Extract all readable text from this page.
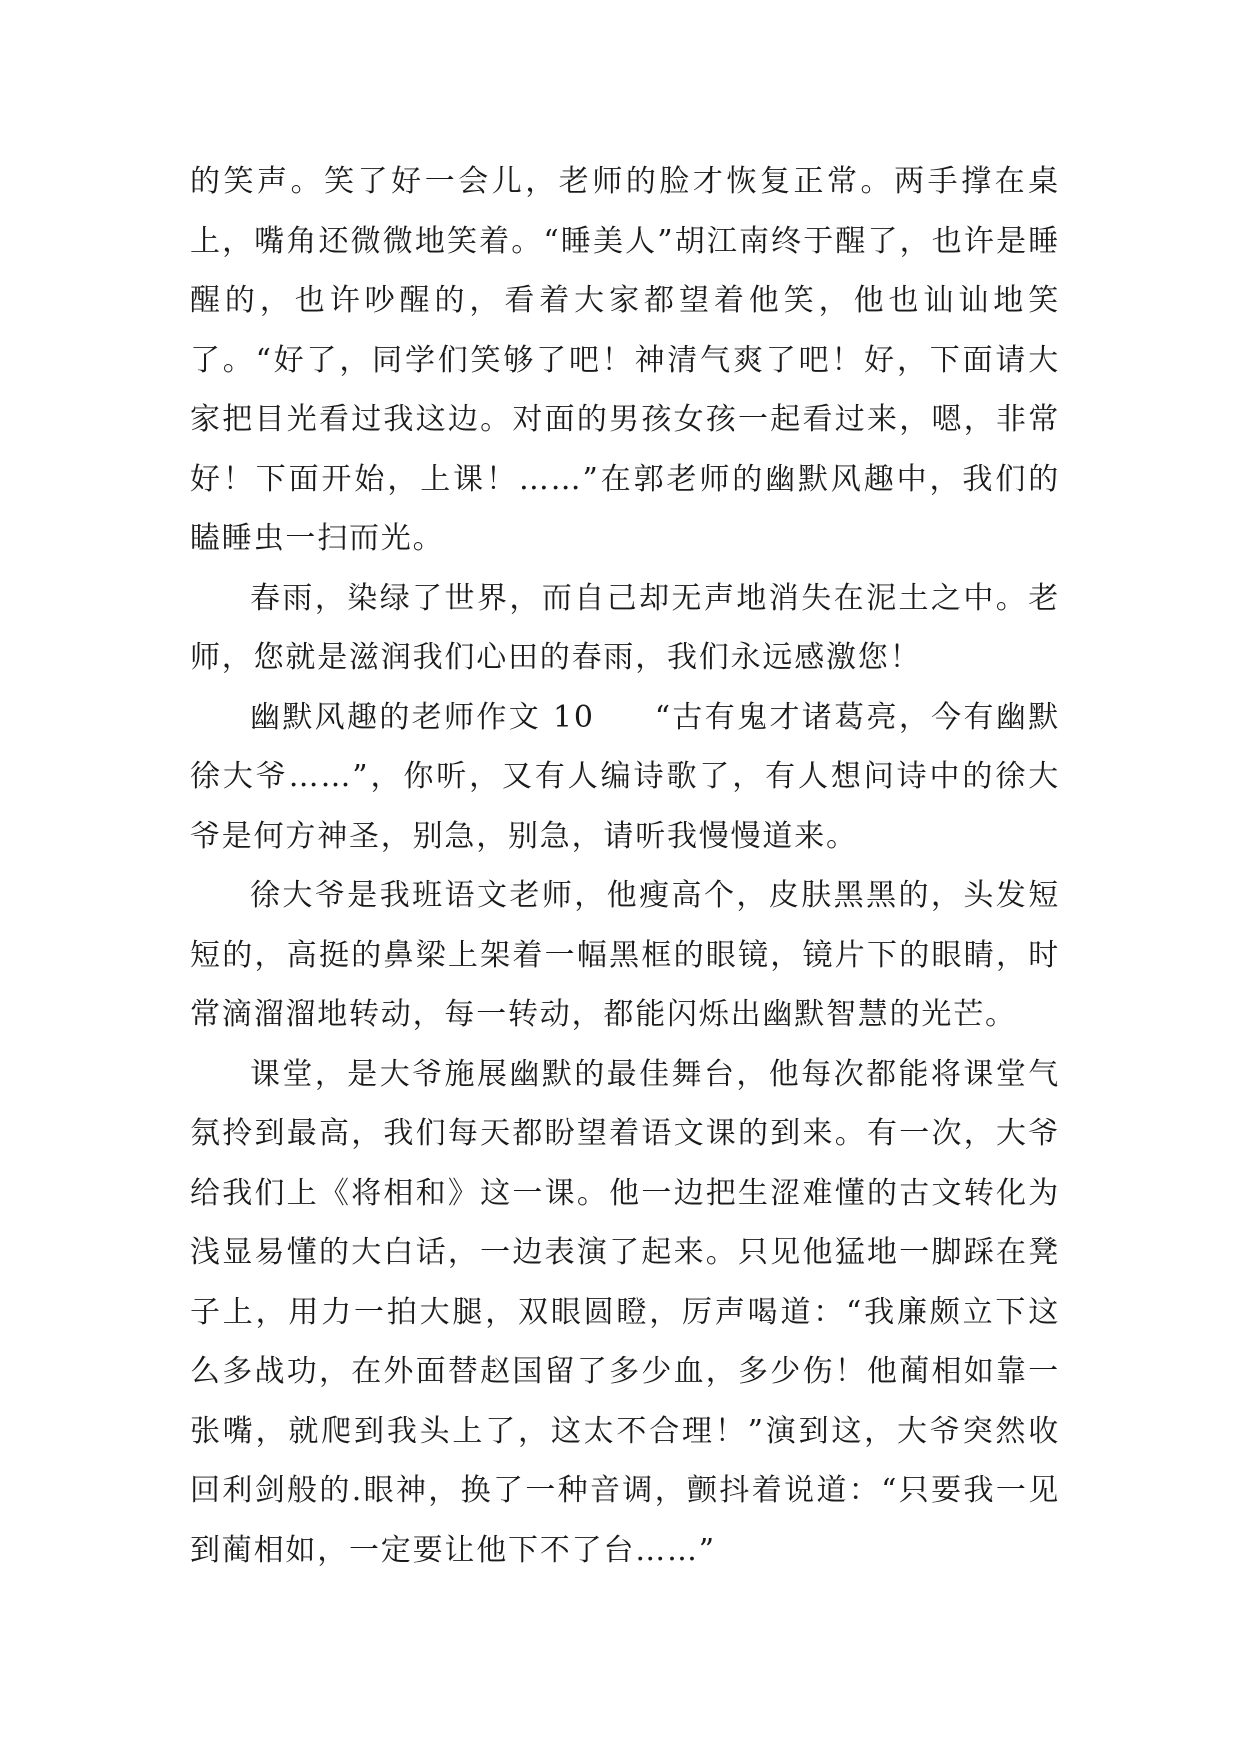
的笑声。笑了好一会儿，老师的脸才恢复正常。两手撑在桌上，嘴角还微微地笑着。“睡美人”胡江南终于醒了，也许是睡醒的，也许吵醒的，看着大家都望着他笑，他也讪讪地笑了。“好了，同学们笑够了吧！神清气爽了吧！好，下面请大家把目光看过我这边。对面的男孩女孩一起看过来，嗯，非常好！下面开始，上课！……”在郭老师的幽默风趣中，我们的瞌睡虫一扫而光。

春雨，染绿了世界，而自己却无声地消失在泥土之中。老师，您就是滋润我们心田的春雨，我们永远感激您！

幽默风趣的老师作文 10 “古有鬼才诸葛亮，今有幽默徐大爷……”，你听，又有人编诗歌了，有人想问诗中的徐大爷是何方神圣，别急，别急，请听我慢慢道来。

徐大爷是我班语文老师，他瘦高个，皮肤黑黑的，头发短短的，高挺的鼻梁上架着一幅黑框的眼镜，镜片下的眼睛，时常滴溜溜地转动，每一转动，都能闪烁出幽默智慧的光芒。

课堂，是大爷施展幽默的最佳舞台，他每次都能将课堂气氛拎到最高，我们每天都盼望着语文课的到来。有一次，大爷给我们上《将相和》这一课。他一边把生涩难懂的古文转化为浅显易懂的大白话，一边表演了起来。只见他猛地一脚踩在凳子上，用力一拍大腿，双眼圆瞪，厉声喝道：“我廉颇立下这么多战功，在外面替赵国留了多少血，多少伤！他蔺相如靠一张嘴，就爬到我头上了，这太不合理！”演到这，大爷突然收回利剑般的.眼神，换了一种音调，颤抖着说道：“只要我一见到蔺相如，一定要让他下不了台……”
